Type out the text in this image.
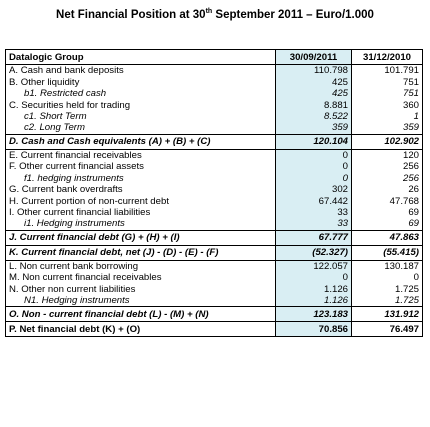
Net Financial Position at 30th September 2011 – Euro/1.000
Datalogic Group	30/09/2011	31/12/2010
A. Cash and bank deposits	110.798	101.791
B. Other liquidity	425	751
b1. Restricted cash	425	751
C. Securities held for trading	8.881	360
c1. Short Term	8.522	1
c2. Long Term	359	359
D. Cash and Cash equivalents (A) + (B) + (C)	120.104	102.902
E. Current financial receivables	0	120
F. Other current financial assets	0	256
f1. hedging instruments	0	256
G. Current bank overdrafts	302	26
H. Current portion of non-current debt	67.442	47.768
I. Other current financial liabilities	33	69
i1. Hedging instruments	33	69
J. Current financial debt (G) + (H) + (I)	67.777	47.863
K. Current financial debt, net (J) - (D) - (E) - (F)	(52.327)	(55.415)
L. Non current bank borrowing	122.057	130.187
M. Non current financial receivables	0	0
N. Other non current liabilities	1.126	1.725
N1. Hedging instruments	1.126	1.725
O. Non - current financial debt (L) - (M) + (N)	123.183	131.912
P. Net financial debt (K) + (O)	70.856	76.497
